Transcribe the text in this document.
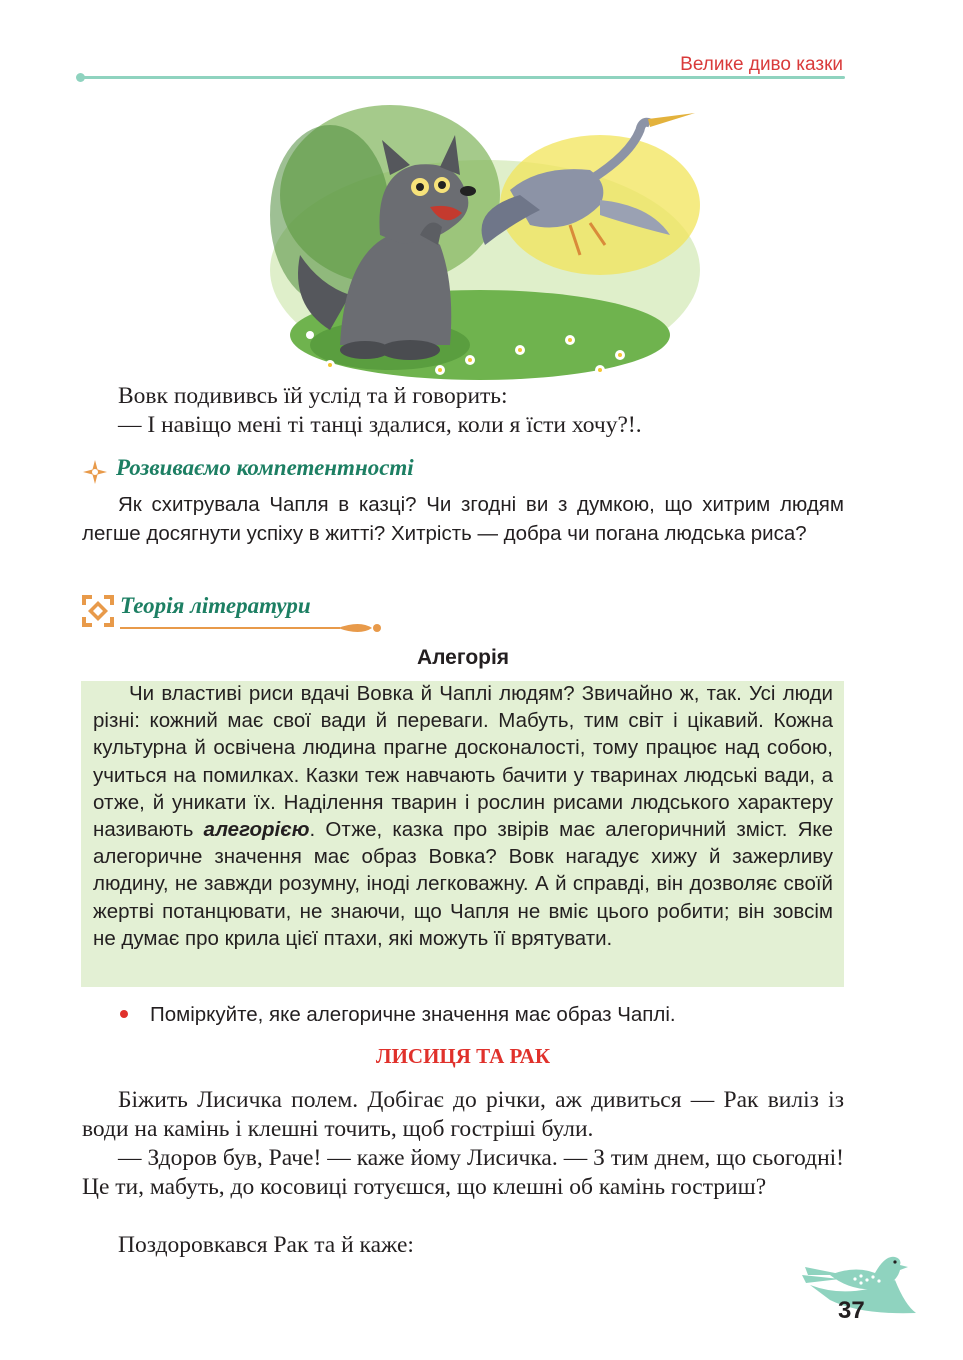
Велике диво казки

Вовк подививсь їй услід та й говорить:

— І навіщо мені ті танці здалися, коли я їсти хочу?!.

Розвиваємо компетентності

Як схитрувала Чапля в казці? Чи згодні ви з думкою, що хитрим людям легше досягнути успіху в житті? Хитрість — добра чи погана людська риса?

Теорія літератури
Алегорія

Чи властиві риси вдачі Вовка й Чаплі людям? Звичайно ж, так. Усі люди різні: кожний має свої вади й переваги. Мабуть, тим світ і цікавий. Кожна культурна й освічена людина прагне досконалості, тому працює над собою, учиться на помилках. Казки теж навчають бачити у тваринах людські вади, а отже, й уникати їх. Наділення тварин і рослин рисами людського характеру називають алегорією. Отже, казка про звірів має алегоричний зміст. Яке алегоричне значення має образ Вовка? Вовк нагадує хижу й зажерливу людину, не завжди розумну, іноді легковажну. А й справді, він дозволяє своїй жертві потанцювати, не знаючи, що Чапля не вміє цього робити; він зовсім не думає про крила цієї птахи, які можуть її врятувати.

Поміркуйте, яке алегоричне значення має образ Чаплі.

ЛИСИЦЯ ТА РАК

Біжить Лисичка полем. Добігає до річки, аж дивиться — Рак виліз із води на камінь і клешні точить, щоб гостріші були.

— Здоров був, Раче! — каже йому Лисичка. — З тим днем, що сьогодні! Це ти, мабуть, до косовиці готуєшся, що клешні об камінь гостриш?

Поздоровкався Рак та й каже:

37
